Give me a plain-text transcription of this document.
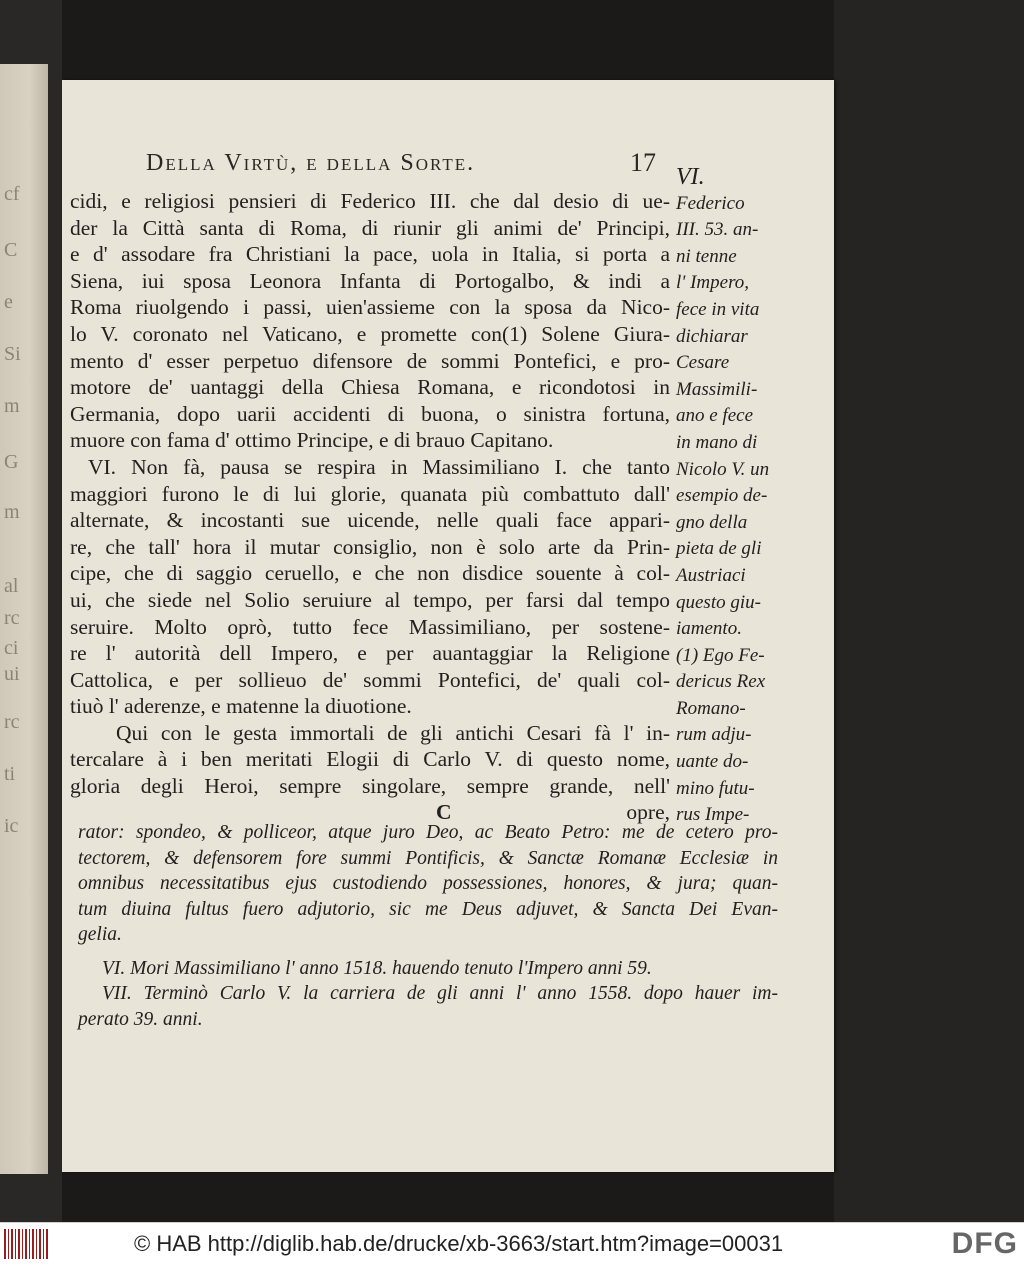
cf
C
e
Si
m
G
m
al
rc
ci
ui
rc
ti
ic
Della Virtù, e della Sorte.	17
cidi, e religiosi pensieri di Federico III. che dal desio di ue-
der la Città santa di Roma, di riunir gli animi de' Principi,
e d' assodare fra Christiani la pace, uola in Italia, si porta a
Siena, iui sposa Leonora Infanta di Portogalbo, & indi a
Roma riuolgendo i passi, uien'assieme con la sposa da Nico-
lo V. coronato nel Vaticano, e promette con(1) Solene Giura-
mento d' esser perpetuo difensore de sommi Pontefici, e pro-
motore de' uantaggi della Chiesa Romana, e ricondotosi in
Germania, dopo uarii accidenti di buona, o sinistra fortuna,
muore con fama d' ottimo Principe, e di brauo Capitano.
VI. Non fà, pausa se respira in Massimiliano I. che tanto
maggiori furono le di lui glorie, quanata più combattuto dall'
alternate, & incostanti sue uicende, nelle quali face appari-
re, che tall' hora il mutar consiglio, non è solo arte da Prin-
cipe, che di saggio ceruello, e che non disdice souente à col-
ui, che siede nel Solio seruiure al tempo, per farsi dal tempo
seruire. Molto oprò, tutto fece Massimiliano, per sostene-
re l' autorità dell Impero, e per auantaggiar la Religione
Cattolica, e per sollieuo de' sommi Pontefici, de' quali col-
tiuò l' aderenze, e matenne la diuotione.
Qui con le gesta immortali de gli antichi Cesari fà l' in-
tercalare à i ben meritati Elogii di Carlo V. di questo nome,
gloria degli Heroi, sempre singolare, sempre grande, nell'
C	opre,
VI.
Federico
III. 53. an-
ni tenne
l' Impero,
fece in vita
dichiarar
Cesare
Massimili-
ano e fece
in mano di
Nicolo V. un
esempio de-
gno della
pieta de gli
Austriaci
questo giu-
iamento.
(1) Ego Fe-
dericus Rex
Romano-
rum adju-
uante do-
mino futu-
rus Impe-
rator: spondeo, & polliceor, atque juro Deo, ac Beato Petro: me de cetero pro-
tectorem, & defensorem fore summi Pontificis, & Sanctæ Romanæ Ecclesiæ in
omnibus necessitatibus ejus custodiendo possessiones, honores, & jura; quan-
tum diuina fultus fuero adjutorio, sic me Deus adjuvet, & Sancta Dei Evan-
gelia.
VI. Mori Massimiliano l' anno 1518. hauendo tenuto l'Impero anni 59.
VII. Terminò Carlo V. la carriera de gli anni l' anno 1558. dopo hauer im-
perato 39. anni.
© HAB http://diglib.hab.de/drucke/xb-3663/start.htm?image=00031	DFG
